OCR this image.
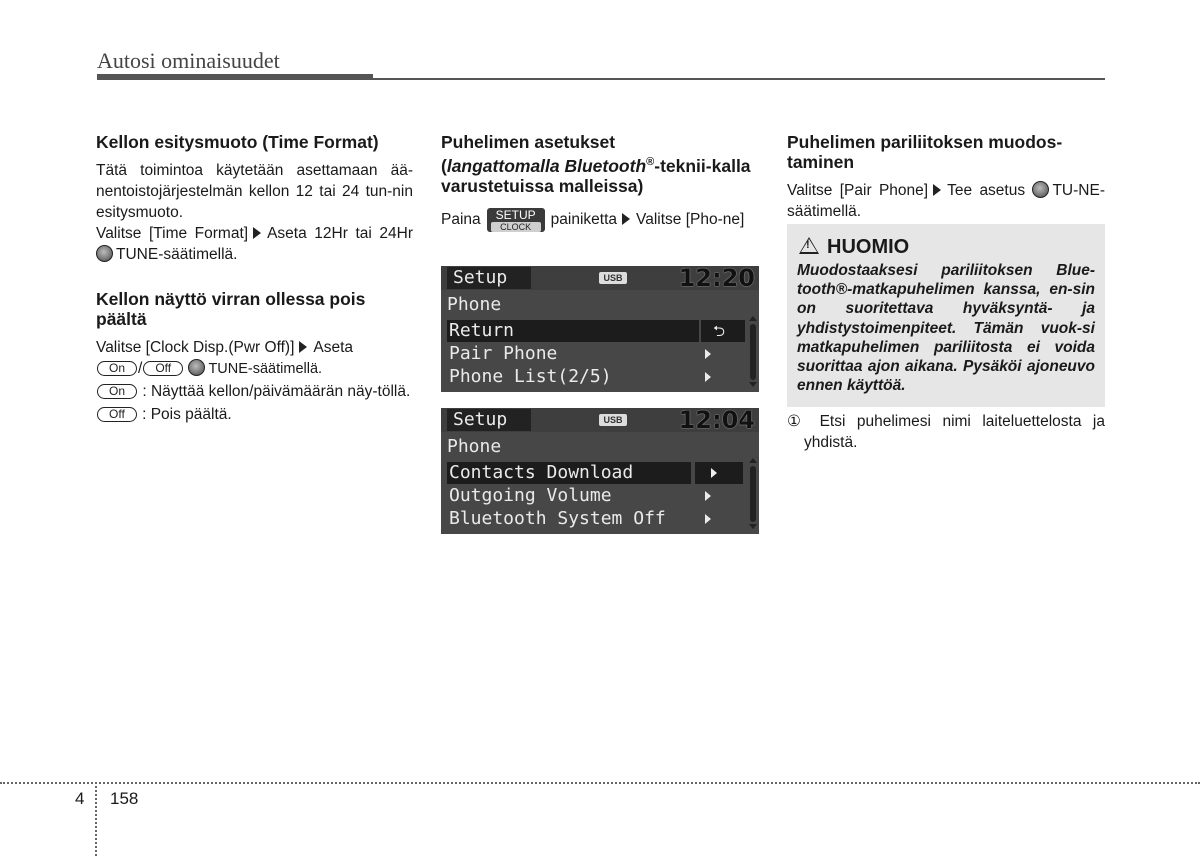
Autosi ominaisuudet
Kellon esitysmuoto (Time Format)

Tätä toimintoa käytetään asettamaan ää-nentoistojärjestelmän kellon 12 tai 24 tun-nin esitysmuoto.

Valitse [Time Format] Aseta 12Hr tai 24Hr TUNE-säätimellä.

Kellon näyttö virran ollessa pois päältä

Valitse [Clock Disp.(Pwr Off)] Aseta
On / Off	TUNE-säätimellä.

On : Näyttää kellon/päivämäärän näy-töllä.

Off : Pois päältä.

Puhelimen asetukset
(langattomalla Bluetooth®-teknii-kalla varustetuissa malleissa)

Paina	SETUP
CLOCK	painiketta Valitse [Pho-ne]

Setup	USB 12:20
Phone
Return	⮌
Pair Phone
Phone List(2/5)
Setup	USB 12:04
Phone
Contacts Download
Outgoing Volume
Bluetooth System Off
Puhelimen pariliitoksen muodos-taminen

Valitse [Pair Phone] Tee asetus TU-NE-säätimellä.

!HUOMIO
Muodostaaksesi pariliitoksen Blue-tooth®-matkapuhelimen kanssa, en-sin on suoritettava hyväksyntä- ja yhdistystoimenpiteet. Tämän vuok-si matkapuhelimen pariliitosta ei voida suorittaa ajon aikana. Pysäköi ajoneuvo ennen käyttöä.

① Etsi puhelimesi nimi laiteluettelosta ja yhdistä.

4 158
